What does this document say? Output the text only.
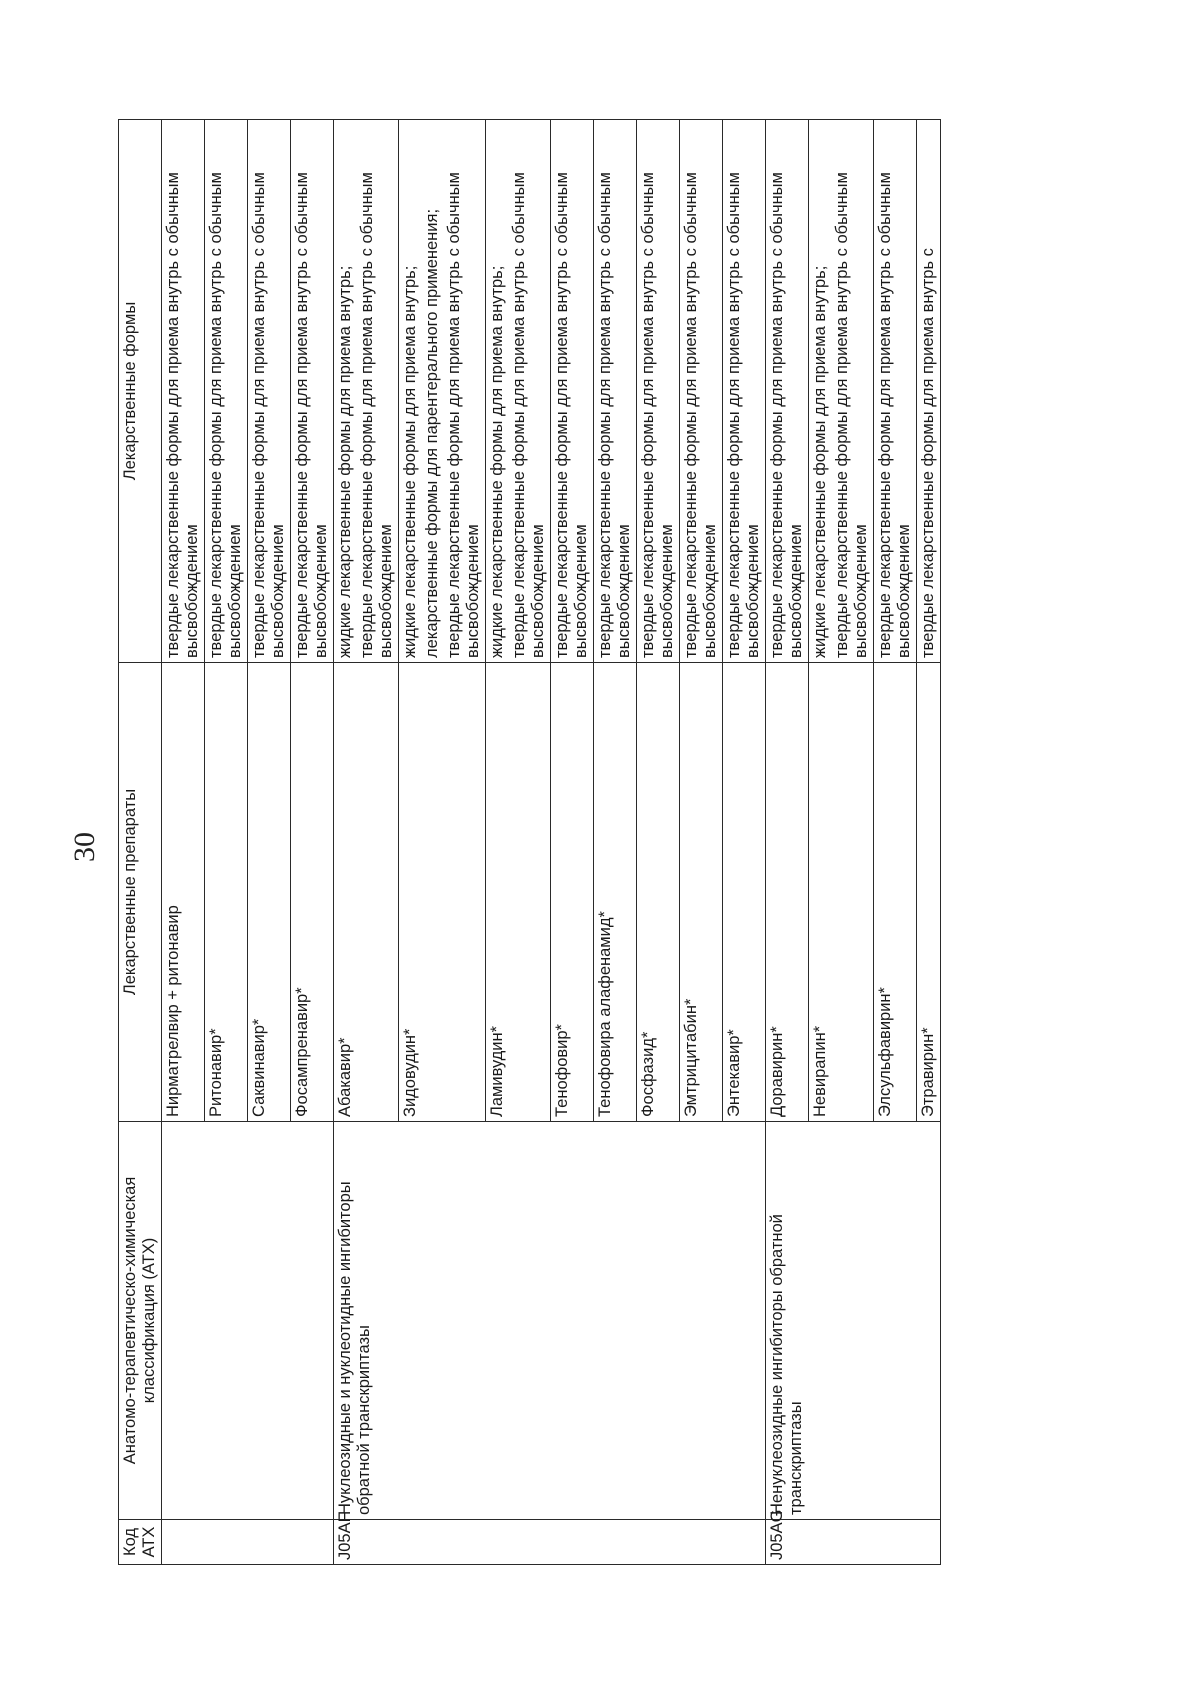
30
Код АТХ	Анатомо-терапевтическо-химическая классификация (АТХ)	Лекарственные препараты	Лекарственные формы
		Нирматрелвир + ритонавир	твердые лекарственные формы для приема внутрь с обычным высвобождением

		Ритонавир*	твердые лекарственные формы для приема внутрь с обычным высвобождением

		Саквинавир*	твердые лекарственные формы для приема внутрь с обычным высвобождением

		Фосампренавир*	твердые лекарственные формы для приема внутрь с обычным высвобождением

J05AF	Нуклеозидные и нуклеотидные ингибиторы обратной транскриптазы	Абакавир*	жидкие лекарственные формы для приема внутрь; твердые лекарственные формы для приема внутрь с обычным высвобождением

		Зидовудин*	жидкие лекарственные формы для приема внутрь; лекарственные формы для парентерального применения; твердые лекарственные формы для приема внутрь с обычным высвобождением

		Ламивудин*	жидкие лекарственные формы для приема внутрь; твердые лекарственные формы для приема внутрь с обычным высвобождением

		Тенофовир*	твердые лекарственные формы для приема внутрь с обычным высвобождением

		Тенофовира алафенамид*	твердые лекарственные формы для приема внутрь с обычным высвобождением

		Фосфазид*	твердые лекарственные формы для приема внутрь с обычным высвобождением

		Эмтрицитабин*	твердые лекарственные формы для приема внутрь с обычным высвобождением

		Энтекавир*	твердые лекарственные формы для приема внутрь с обычным высвобождением

J05AG	Ненуклеозидные ингибиторы обратной транскриптазы	Доравирин*	твердые лекарственные формы для приема внутрь с обычным высвобождением

		Невирапин*	жидкие лекарственные формы для приема внутрь; твердые лекарственные формы для приема внутрь с обычным высвобождением

		Элсульфавирин*	твердые лекарственные формы для приема внутрь с обычным высвобождением

		Этравирин*	твердые лекарственные формы для приема внутрь с
